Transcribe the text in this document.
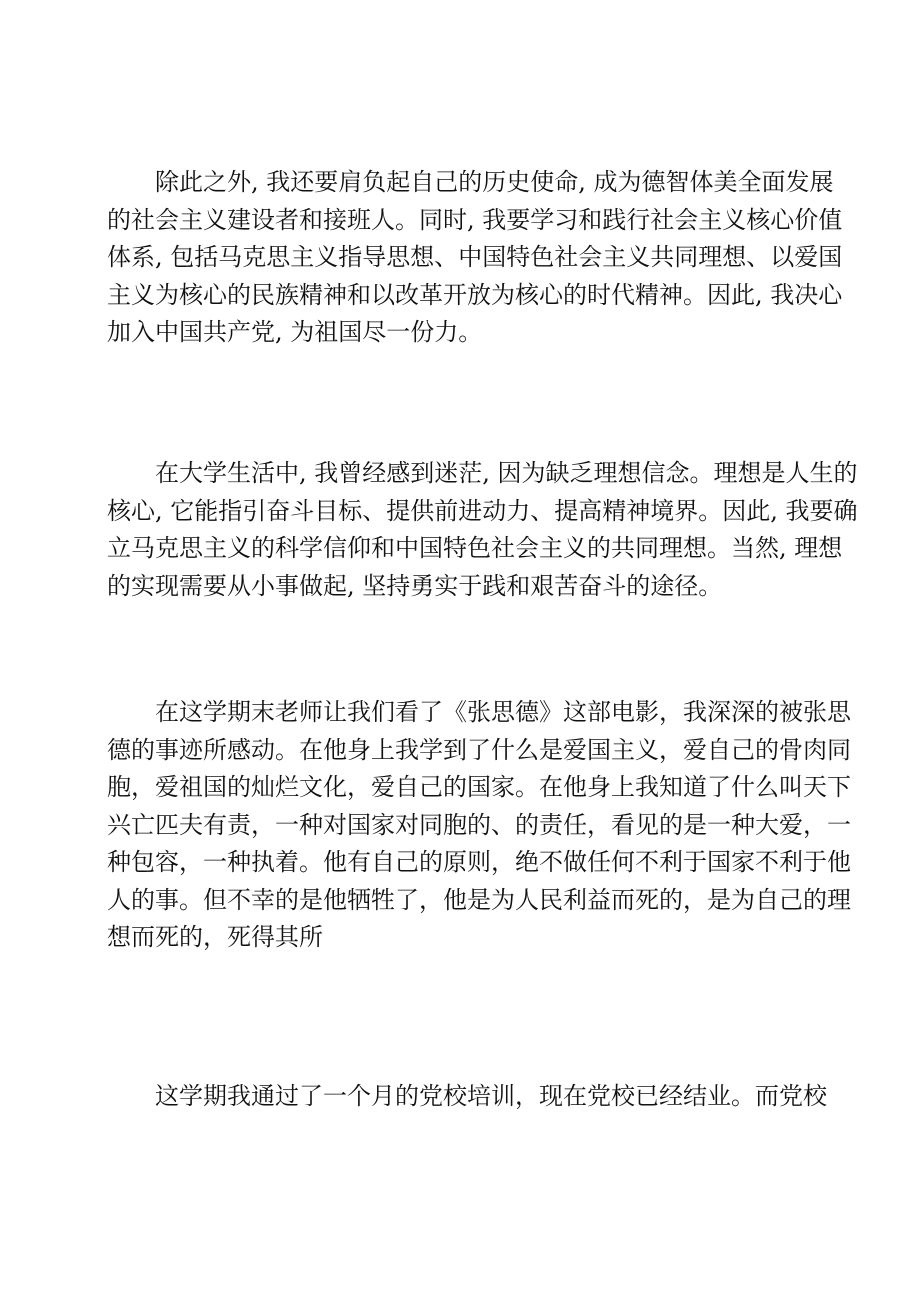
除此之外, 我还要肩负起自己的历史使命, 成为德智体美全面发展
的社会主义建设者和接班人。同时, 我要学习和践行社会主义核心价值
体系, 包括马克思主义指导思想、中国特色社会主义共同理想、以爱国
主义为核心的民族精神和以改革开放为核心的时代精神。因此, 我决心
加入中国共产党, 为祖国尽一份力。
在大学生活中, 我曾经感到迷茫, 因为缺乏理想信念。理想是人生的
核心, 它能指引奋斗目标、提供前进动力、提高精神境界。因此, 我要确
立马克思主义的科学信仰和中国特色社会主义的共同理想。当然, 理想
的实现需要从小事做起, 坚持勇实于践和艰苦奋斗的途径。
在这学期末老师让我们看了《张思德》这部电影，我深深的被张思
德的事迹所感动。在他身上我学到了什么是爱国主义，爱自己的骨肉同
胞，爱祖国的灿烂文化，爱自己的国家。在他身上我知道了什么叫天下
兴亡匹夫有责，一种对国家对同胞的、的责任，看见的是一种大爱，一
种包容，一种执着。他有自己的原则，绝不做任何不利于国家不利于他
人的事。但不幸的是他牺牲了，他是为人民利益而死的，是为自己的理
想而死的，死得其所
这学期我通过了一个月的党校培训，现在党校已经结业。而党校
